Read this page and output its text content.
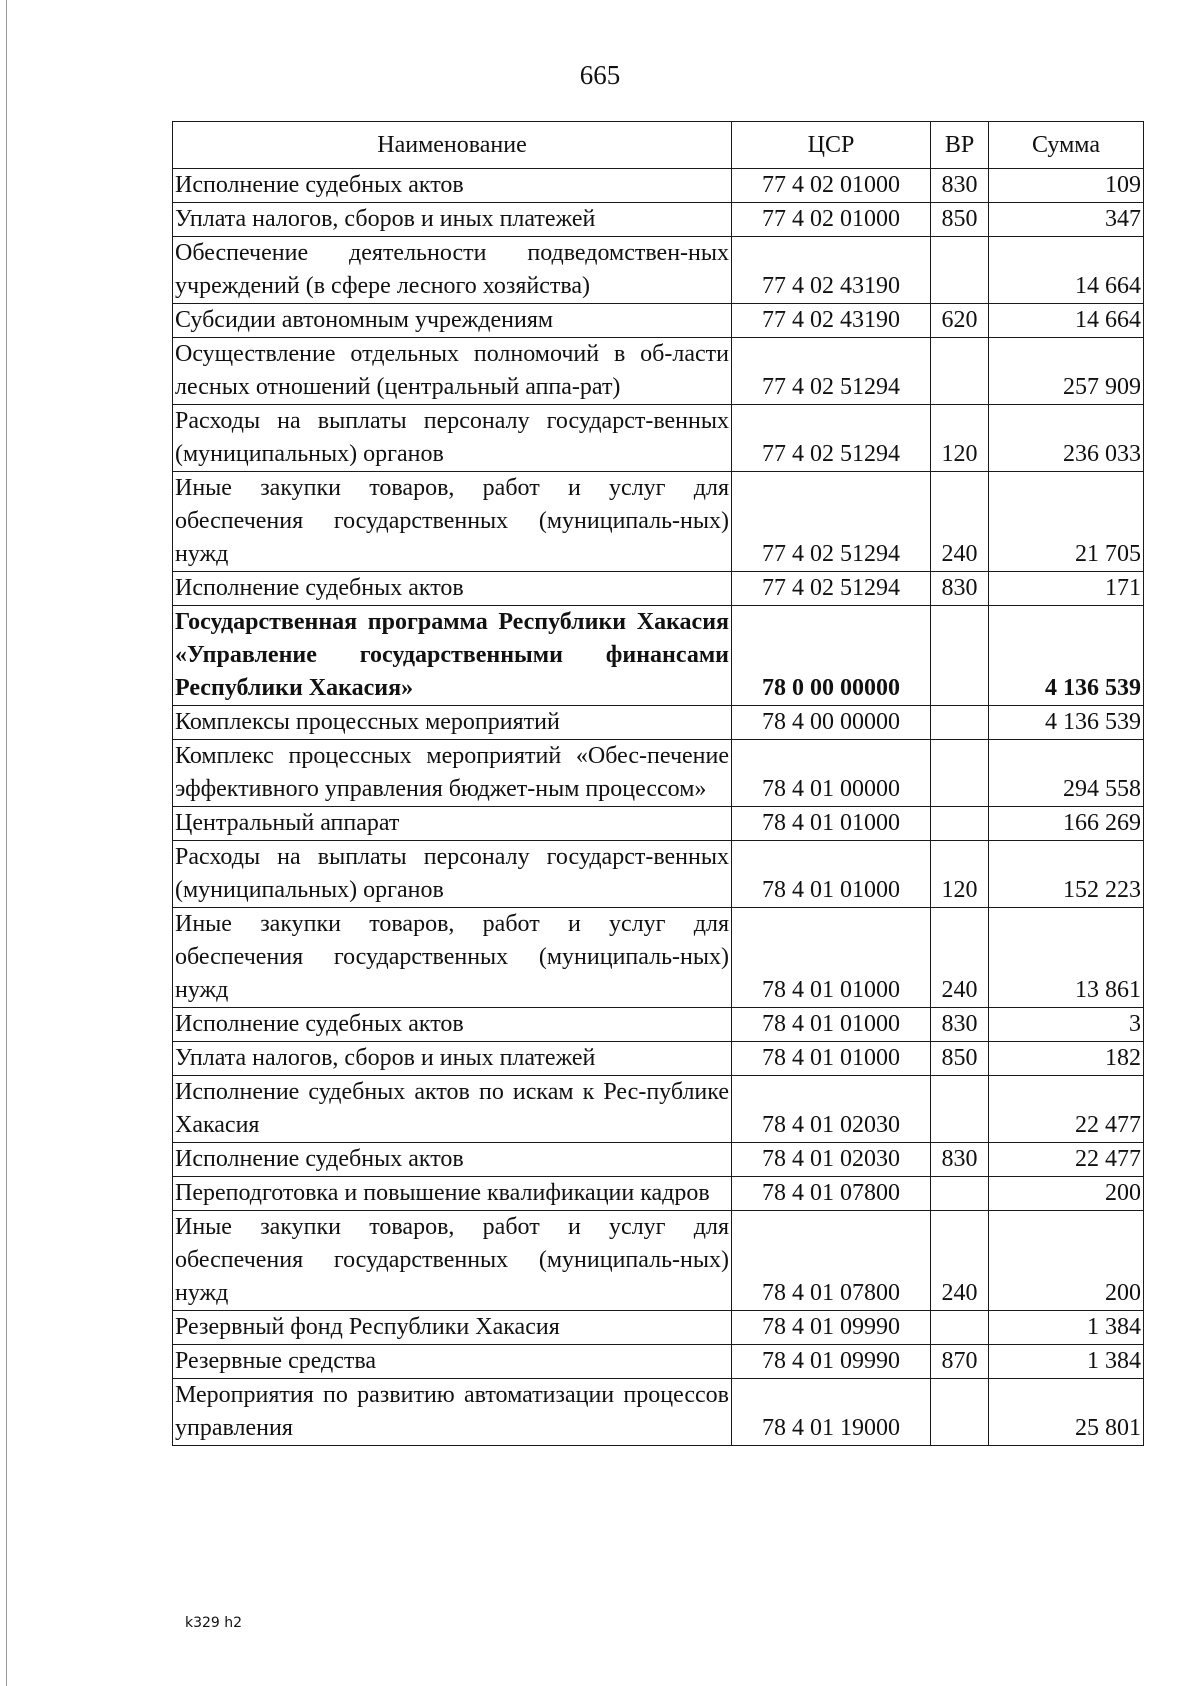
665
Наименование	ЦСР	ВР	Сумма
Исполнение судебных актов	77 4 02 01000	830	109
Уплата налогов, сборов и иных платежей	77 4 02 01000	850	347
Обеспечение деятельности подведомствен-ных учреждений (в сфере лесного хозяйства)	77 4 02 43190		14 664
Субсидии автономным учреждениям	77 4 02 43190	620	14 664
Осуществление отдельных полномочий в об-ласти лесных отношений (центральный аппа-рат)	77 4 02 51294		257 909
Расходы на выплаты персоналу государст-венных (муниципальных) органов	77 4 02 51294	120	236 033
Иные закупки товаров, работ и услуг для обеспечения государственных (муниципаль-ных) нужд	77 4 02 51294	240	21 705
Исполнение судебных актов	77 4 02 51294	830	171
Государственная программа Республики Хакасия «Управление государственными финансами Республики Хакасия»	78 0 00 00000		4 136 539
Комплексы процессных мероприятий	78 4 00 00000		4 136 539
Комплекс процессных мероприятий «Обес-печение эффективного управления бюджет-ным процессом»	78 4 01 00000		294 558
Центральный аппарат	78 4 01 01000		166 269
Расходы на выплаты персоналу государст-венных (муниципальных) органов	78 4 01 01000	120	152 223
Иные закупки товаров, работ и услуг для обеспечения государственных (муниципаль-ных) нужд	78 4 01 01000	240	13 861
Исполнение судебных актов	78 4 01 01000	830	3
Уплата налогов, сборов и иных платежей	78 4 01 01000	850	182
Исполнение судебных актов по искам к Рес-публике Хакасия	78 4 01 02030		22 477
Исполнение судебных актов	78 4 01 02030	830	22 477
Переподготовка и повышение квалификации кадров	78 4 01 07800		200
Иные закупки товаров, работ и услуг для обеспечения государственных (муниципаль-ных) нужд	78 4 01 07800	240	200
Резервный фонд Республики Хакасия	78 4 01 09990		1 384
Резервные средства	78 4 01 09990	870	1 384
Мероприятия по развитию автоматизации процессов управления	78 4 01 19000		25 801
k329 h2
